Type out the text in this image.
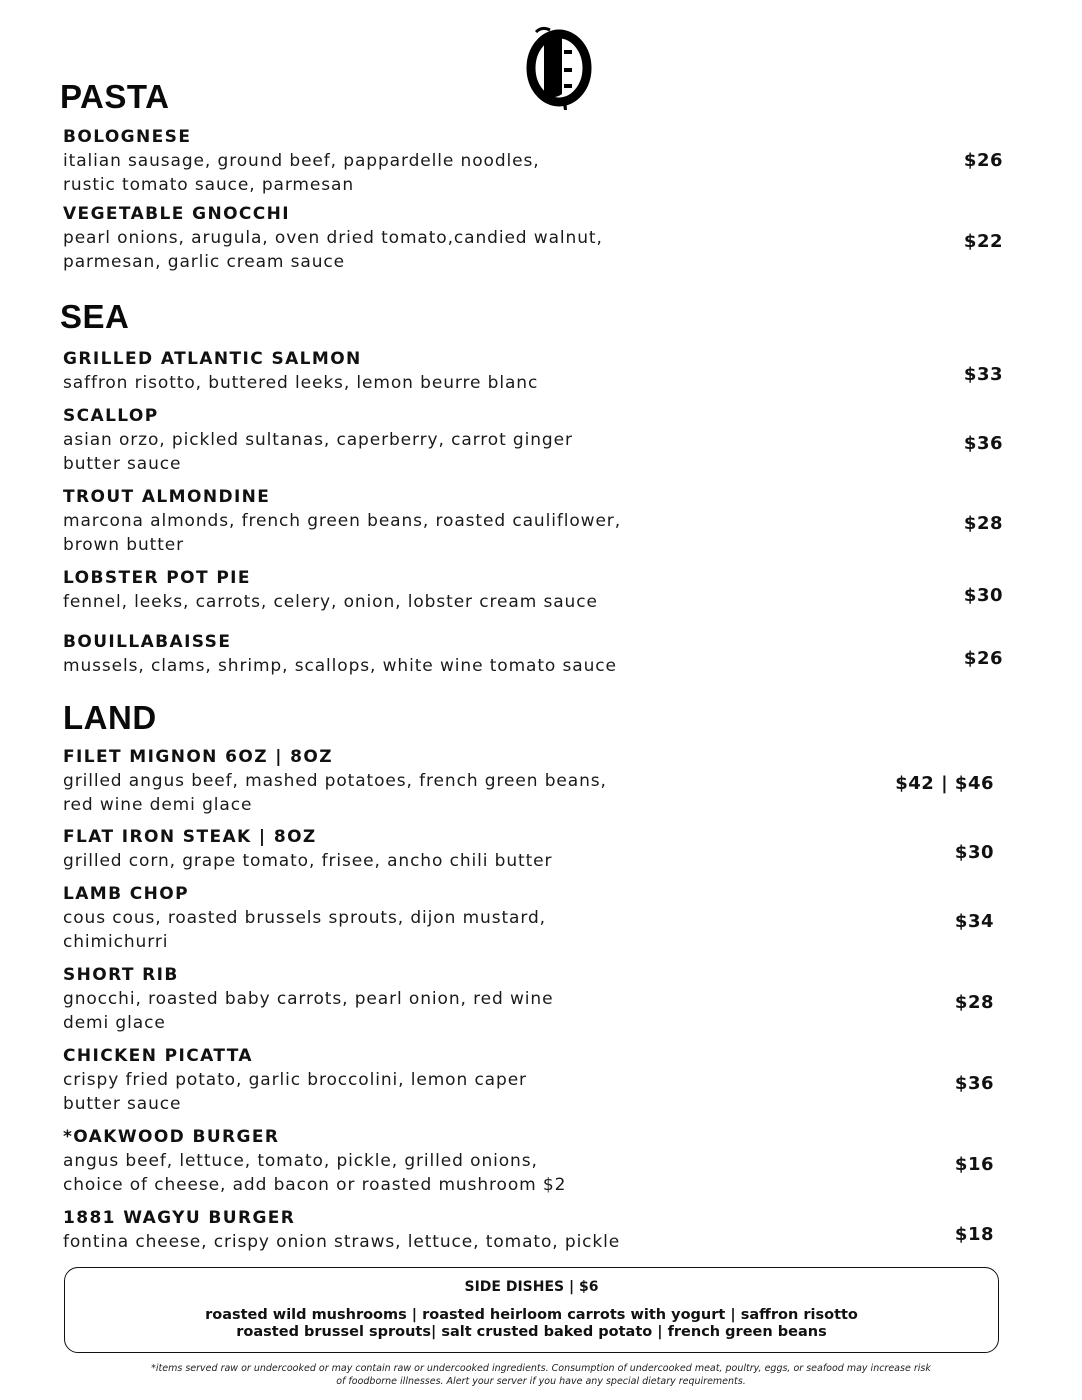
PASTA
BOLOGNESE
italian sausage, ground beef, pappardelle noodles,
rustic tomato sauce, parmesan
$26
VEGETABLE GNOCCHI
pearl onions, arugula, oven dried tomato,candied walnut,
parmesan, garlic cream sauce
$22
SEA
GRILLED ATLANTIC SALMON
saffron risotto, buttered leeks, lemon beurre blanc	$33
SCALLOP
asian orzo, pickled sultanas, caperberry, carrot ginger
butter sauce
$36
TROUT ALMONDINE
marcona almonds, french green beans, roasted cauliflower,
brown butter
$28
LOBSTER POT PIE
fennel, leeks, carrots, celery, onion, lobster cream sauce	$30
BOUILLABAISSE
mussels, clams, shrimp, scallops, white wine tomato sauce	$26
LAND
FILET MIGNON 6OZ | 8OZ
grilled angus beef, mashed potatoes, french green beans,
red wine demi glace
$42 | $46
FLAT IRON STEAK | 8OZ
grilled corn, grape tomato, frisee, ancho chili butter	$30
LAMB CHOP
cous cous, roasted brussels sprouts, dijon mustard,
chimichurri
$34
SHORT RIB
gnocchi, roasted baby carrots, pearl onion, red wine
demi glace
$28
CHICKEN PICATTA
crispy fried potato, garlic broccolini, lemon caper
butter sauce
$36
*OAKWOOD BURGER
angus beef, lettuce, tomato, pickle, grilled onions,
choice of cheese, add bacon or roasted mushroom $2
$16
1881 WAGYU BURGER
fontina cheese, crispy onion straws, lettuce, tomato, pickle	$18
SIDE DISHES | $6
roasted wild mushrooms | roasted heirloom carrots with yogurt | saffron risotto
roasted brussel sprouts| salt crusted baked potato | french green beans
*items served raw or undercooked or may contain raw or undercooked ingredients. Consumption of undercooked meat, poultry, eggs, or seafood may increase risk
of foodborne illnesses. Alert your server if you have any special dietary requirements.
